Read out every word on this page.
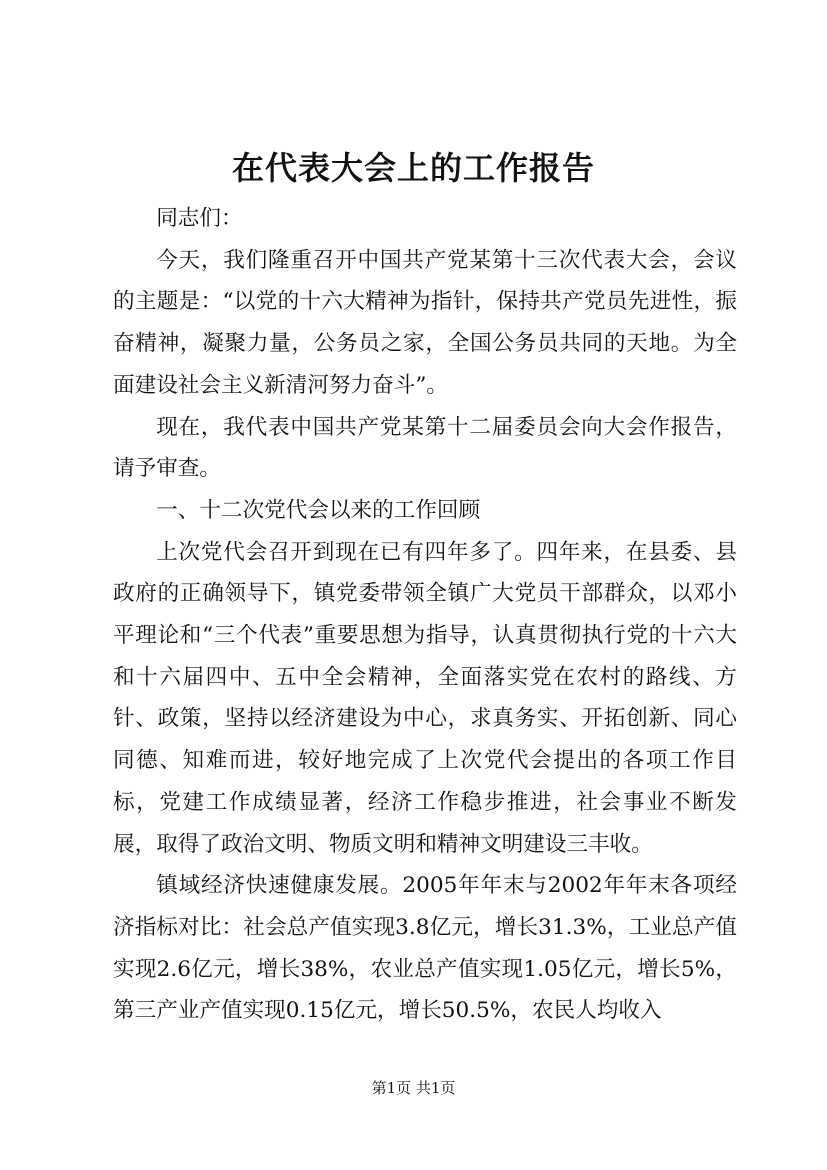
在代表大会上的工作报告

同志们：

今天，我们隆重召开中国共产党某第十三次代表大会，会议的主题是：“以党的十六大精神为指针，保持共产党员先进性，振奋精神，凝聚力量，公务员之家，全国公务员共同的天地。为全面建设社会主义新清河努力奋斗”。

现在，我代表中国共产党某第十二届委员会向大会作报告，请予审查。

一、十二次党代会以来的工作回顾

上次党代会召开到现在已有四年多了。四年来，在县委、县政府的正确领导下，镇党委带领全镇广大党员干部群众，以邓小平理论和“三个代表”重要思想为指导，认真贯彻执行党的十六大和十六届四中、五中全会精神，全面落实党在农村的路线、方针、政策，坚持以经济建设为中心，求真务实、开拓创新、同心同德、知难而进，较好地完成了上次党代会提出的各项工作目标，党建工作成绩显著，经济工作稳步推进，社会事业不断发展，取得了政治文明、物质文明和精神文明建设三丰收。

镇域经济快速健康发展。2005年年末与2002年年末各项经济指标对比：社会总产值实现3.8亿元，增长31.3%，工业总产值实现2.6亿元，增长38%，农业总产值实现1.05亿元，增长5%，第三产业产值实现0.15亿元，增长50.5%，农民人均收入

第1页 共1页
